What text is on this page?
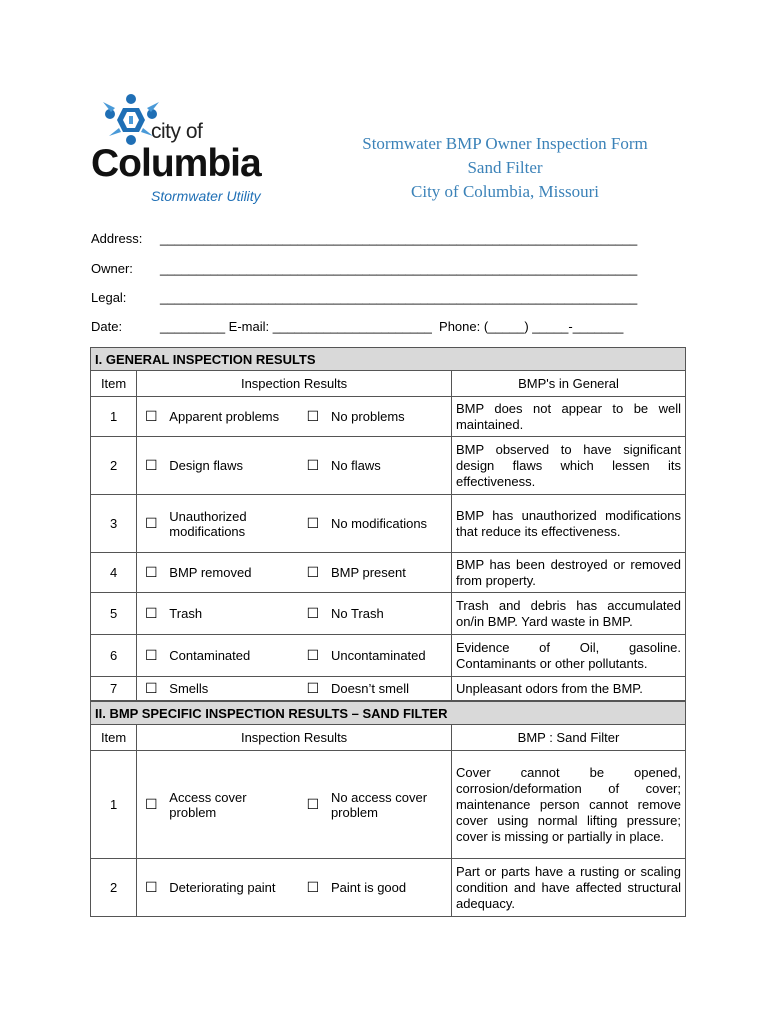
city of
Columbia
Stormwater Utility
Stormwater BMP Owner Inspection Form
Sand Filter
City of Columbia, Missouri
Address: __________________________________________________________________
Owner: __________________________________________________________________
Legal:	__________________________________________________________________
Date:	_________ E-mail: ______________________  Phone: (_____) _____-_______
I. GENERAL INSPECTION RESULTS					
Item	Inspection Results				BMP's in General
1	☐	Apparent problems	☐	No problems	BMP does not appear to be well maintained.
2	☐	Design flaws	☐	No flaws	BMP observed to have significant design flaws which lessen its effectiveness.
3	☐	Unauthorized modifications	☐	No modifications	BMP has unauthorized modifications that reduce its effectiveness.
4	☐	BMP removed	☐	BMP present	BMP has been destroyed or removed from property.
5	☐	Trash	☐	No Trash	Trash and debris has accumulated on/in BMP. Yard waste in BMP.
6	☐	Contaminated	☐	Uncontaminated	Evidence of Oil, gasoline. Contaminants or other pollutants.
7	☐	Smells	☐	Doesn’t smell	Unpleasant odors from the BMP.
II. BMP SPECIFIC INSPECTION RESULTS – SAND FILTER					
Item	Inspection Results				BMP : Sand Filter
1	☐	Access cover problem	☐	No access cover problem	Cover cannot be opened, corrosion/deformation of cover; maintenance person cannot remove cover using normal lifting pressure; cover is missing or partially in place.
2	☐	Deteriorating paint	☐	Paint is good	Part or parts have a rusting or scaling condition and have affected structural adequacy.
